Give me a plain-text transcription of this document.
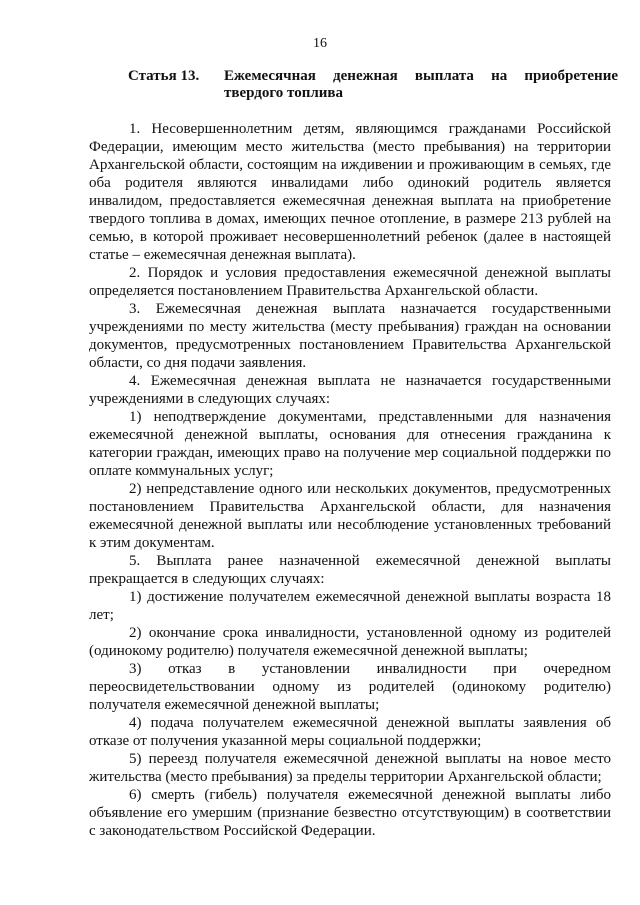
16
Статья 13. Ежемесячная денежная выплата на приобретение твердого топлива

1. Несовершеннолетним детям, являющимся гражданами Российской Федерации, имеющим место жительства (место пребывания) на территории Архангельской области, состоящим на иждивении и проживающим в семьях, где оба родителя являются инвалидами либо одинокий родитель является инвалидом, предоставляется ежемесячная денежная выплата на приобретение твердого топлива в домах, имеющих печное отопление, в размере 213 рублей на семью, в которой проживает несовершеннолетний ребенок (далее в настоящей статье – ежемесячная денежная выплата).

2. Порядок и условия предоставления ежемесячной денежной выплаты определяется постановлением Правительства Архангельской области.

3. Ежемесячная денежная выплата назначается государственными учреждениями по месту жительства (месту пребывания) граждан на основании документов, предусмотренных постановлением Правительства Архангельской области, со дня подачи заявления.

4. Ежемесячная денежная выплата не назначается государственными учреждениями в следующих случаях:

1) неподтверждение документами, представленными для назначения ежемесячной денежной выплаты, основания для отнесения гражданина к категории граждан, имеющих право на получение мер социальной поддержки по оплате коммунальных услуг;

2) непредставление одного или нескольких документов, предусмотренных постановлением Правительства Архангельской области, для назначения ежемесячной денежной выплаты или несоблюдение установленных требований к этим документам.

5. Выплата ранее назначенной ежемесячной денежной выплаты прекращается в следующих случаях:

1) достижение получателем ежемесячной денежной выплаты возраста 18 лет;

2) окончание срока инвалидности, установленной одному из родителей (одинокому родителю) получателя ежемесячной денежной выплаты;

3) отказ в установлении инвалидности при очередном переосвидетельствовании одному из родителей (одинокому родителю) получателя ежемесячной денежной выплаты;

4) подача получателем ежемесячной денежной выплаты заявления об отказе от получения указанной меры социальной поддержки;

5) переезд получателя ежемесячной денежной выплаты на новое место жительства (место пребывания) за пределы территории Архангельской области;

6) смерть (гибель) получателя ежемесячной денежной выплаты либо объявление его умершим (признание безвестно отсутствующим) в соответствии с законодательством Российской Федерации.
